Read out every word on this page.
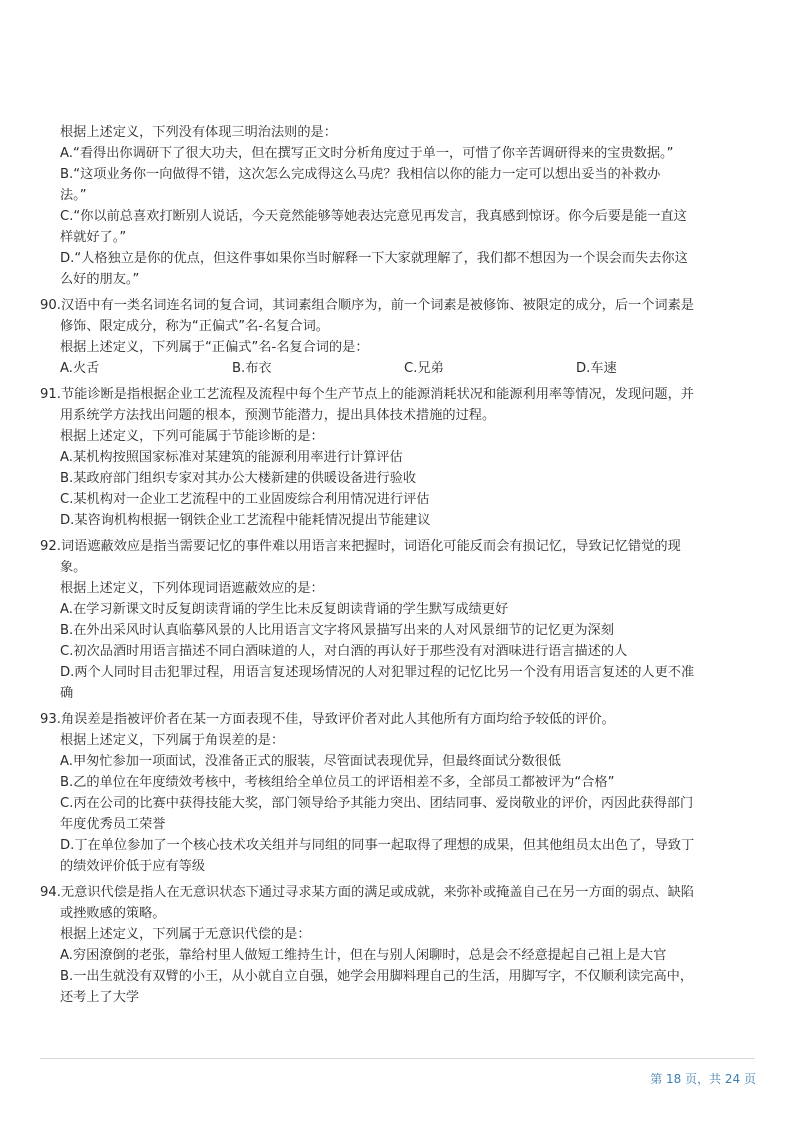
根据上述定义，下列没有体现三明治法则的是：

A.“看得出你调研下了很大功夫，但在撰写正文时分析角度过于单一，可惜了你辛苦调研得来的宝贵数据。”

B.“这项业务你一向做得不错，这次怎么完成得这么马虎？我相信以你的能力一定可以想出妥当的补救办

法。”

C.“你以前总喜欢打断别人说话，今天竟然能够等她表达完意见再发言，我真感到惊讶。你今后要是能一直这

样就好了。”

D.“人格独立是你的优点，但这件事如果你当时解释一下大家就理解了，我们都不想因为一个误会而失去你这

么好的朋友。”

90.汉语中有一类名词连名词的复合词，其词素组合顺序为，前一个词素是被修饰、被限定的成分，后一个词素是

修饰、限定成分，称为“正偏式”名-名复合词。

根据上述定义，下列属于“正偏式”名-名复合词的是：

A.火舌	B.布衣	C.兄弟	D.车速

91.节能诊断是指根据企业工艺流程及流程中每个生产节点上的能源消耗状况和能源利用率等情况，发现问题，并

用系统学方法找出问题的根本，预测节能潜力，提出具体技术措施的过程。

根据上述定义，下列可能属于节能诊断的是：

A.某机构按照国家标准对某建筑的能源利用率进行计算评估

B.某政府部门组织专家对其办公大楼新建的供暖设备进行验收

C.某机构对一企业工艺流程中的工业固废综合利用情况进行评估

D.某咨询机构根据一钢铁企业工艺流程中能耗情况提出节能建议

92.词语遮蔽效应是指当需要记忆的事件难以用语言来把握时，词语化可能反而会有损记忆，导致记忆错觉的现

象。

根据上述定义，下列体现词语遮蔽效应的是：

A.在学习新课文时反复朗读背诵的学生比未反复朗读背诵的学生默写成绩更好

B.在外出采风时认真临摹风景的人比用语言文字将风景描写出来的人对风景细节的记忆更为深刻

C.初次品酒时用语言描述不同白酒味道的人，对白酒的再认好于那些没有对酒味进行语言描述的人

D.两个人同时目击犯罪过程，用语言复述现场情况的人对犯罪过程的记忆比另一个没有用语言复述的人更不准

确

93.角误差是指被评价者在某一方面表现不佳，导致评价者对此人其他所有方面均给予较低的评价。

根据上述定义，下列属于角误差的是：

A.甲匆忙参加一项面试，没准备正式的服装，尽管面试表现优异，但最终面试分数很低

B.乙的单位在年度绩效考核中，考核组给全单位员工的评语相差不多，全部员工都被评为“合格”

C.丙在公司的比赛中获得技能大奖，部门领导给予其能力突出、团结同事、爱岗敬业的评价，丙因此获得部门

年度优秀员工荣誉

D.丁在单位参加了一个核心技术攻关组并与同组的同事一起取得了理想的成果，但其他组员太出色了，导致丁

的绩效评价低于应有等级

94.无意识代偿是指人在无意识状态下通过寻求某方面的满足或成就，来弥补或掩盖自己在另一方面的弱点、缺陷

或挫败感的策略。

根据上述定义，下列属于无意识代偿的是：

A.穷困潦倒的老张，靠给村里人做短工维持生计，但在与别人闲聊时，总是会不经意提起自己祖上是大官

B.一出生就没有双臂的小王，从小就自立自强，她学会用脚料理自己的生活，用脚写字，不仅顺利读完高中，

还考上了大学

第 18 页，共 24 页
